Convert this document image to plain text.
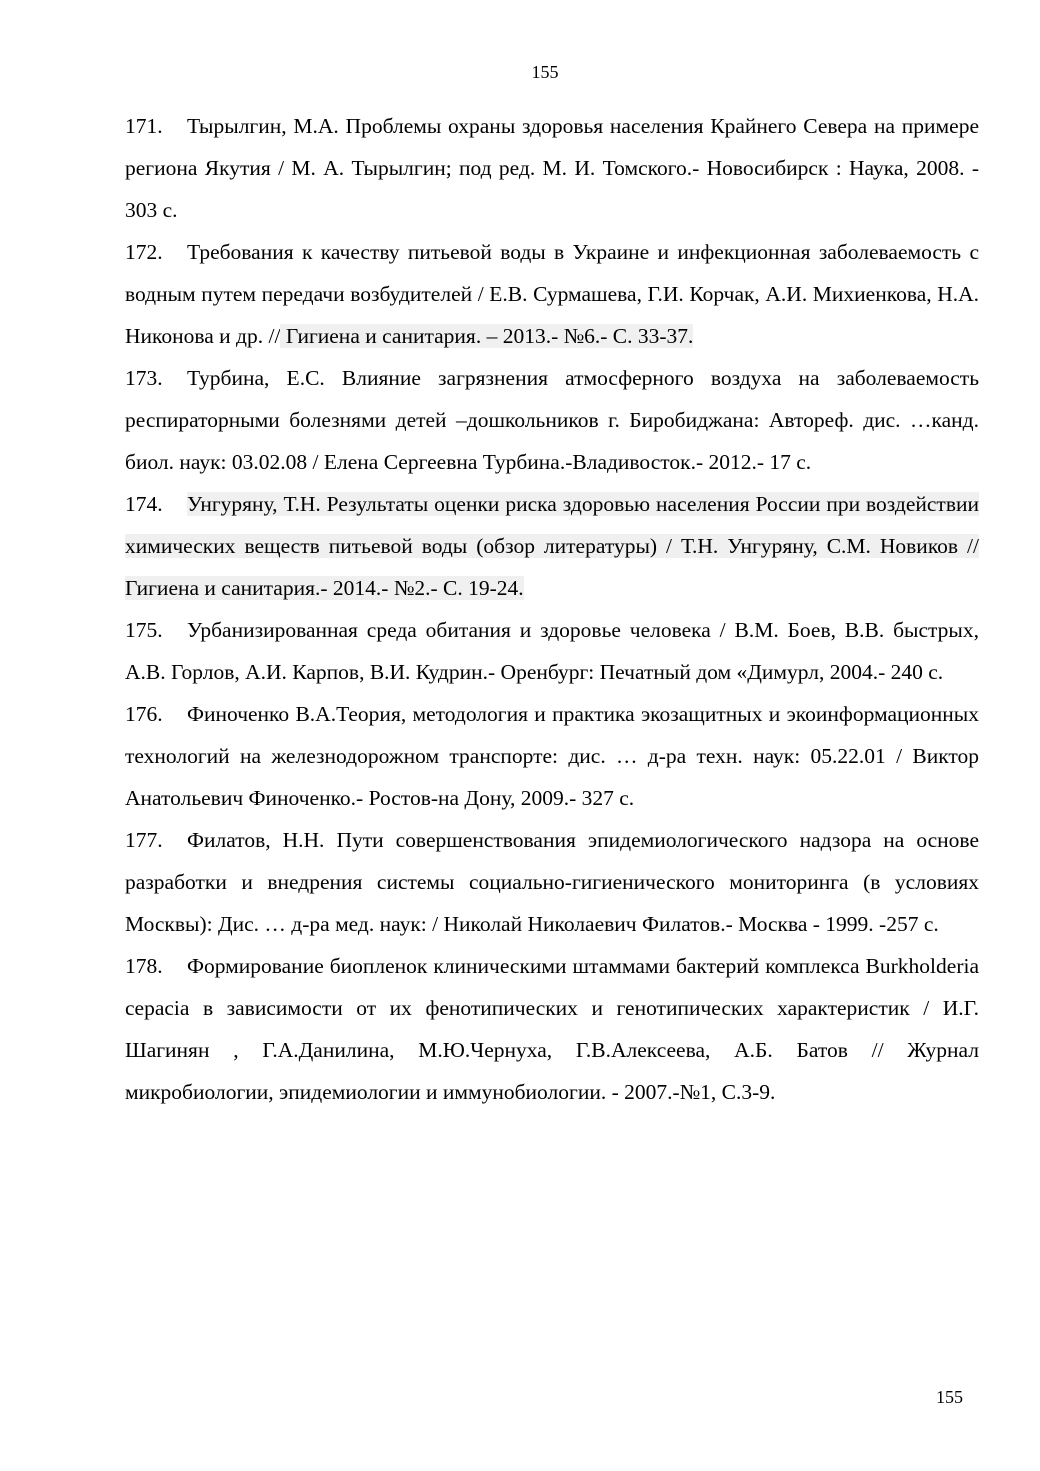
155

171. Тырылгин, М.А. Проблемы охраны здоровья населения Крайнего Севера на примере региона Якутия / М. А. Тырылгин; под ред. М. И. Томского.- Новосибирск : Наука, 2008. - 303 с.

172. Требования к качеству питьевой воды в Украине и инфекционная заболеваемость с водным путем передачи возбудителей / Е.В. Сурмашева, Г.И. Корчак, А.И. Михиенкова, Н.А. Никонова и др. // Гигиена и санитария. – 2013.- №6.- С. 33-37.

173. Турбина, Е.С. Влияние загрязнения атмосферного воздуха на заболеваемость респираторными болезнями детей –дошкольников г. Биробиджана: Автореф. дис. …канд. биол. наук: 03.02.08 / Елена Сергеевна Турбина.-Владивосток.- 2012.- 17 с.

174. Унгуряну, Т.Н. Результаты оценки риска здоровью населения России при воздействии химических веществ питьевой воды (обзор литературы) / Т.Н. Унгуряну, С.М. Новиков // Гигиена и санитария.- 2014.- №2.- С. 19-24.

175. Урбанизированная среда обитания и здоровье человека / В.М. Боев, В.В. быстрых, А.В. Горлов, А.И. Карпов, В.И. Кудрин.- Оренбург: Печатный дом «Димурл, 2004.- 240 с.

176. Финоченко В.А.Теория, методология и практика экозащитных и экоинформационных технологий на железнодорожном транспорте: дис. … д-ра техн. наук: 05.22.01 / Виктор Анатольевич Финоченко.- Ростов-на Дону, 2009.- 327 с.

177. Филатов, Н.Н. Пути совершенствования эпидемиологического надзора на основе разработки и внедрения системы социально-гигиенического мониторинга (в условиях Москвы): Дис. … д-ра мед. наук: / Николай Николаевич Филатов.- Москва - 1999. -257 с.

178. Формирование биопленок клиническими штаммами бактерий комплекса Burkholderia cepacia в зависимости от их фенотипических и генотипических характеристик / И.Г. Шагинян , Г.А.Данилина, М.Ю.Чернуха, Г.В.Алексеева, А.Б. Батов // Журнал микробиологии, эпидемиологии и иммунобиологии. - 2007.-№1, С.3-9.

155
